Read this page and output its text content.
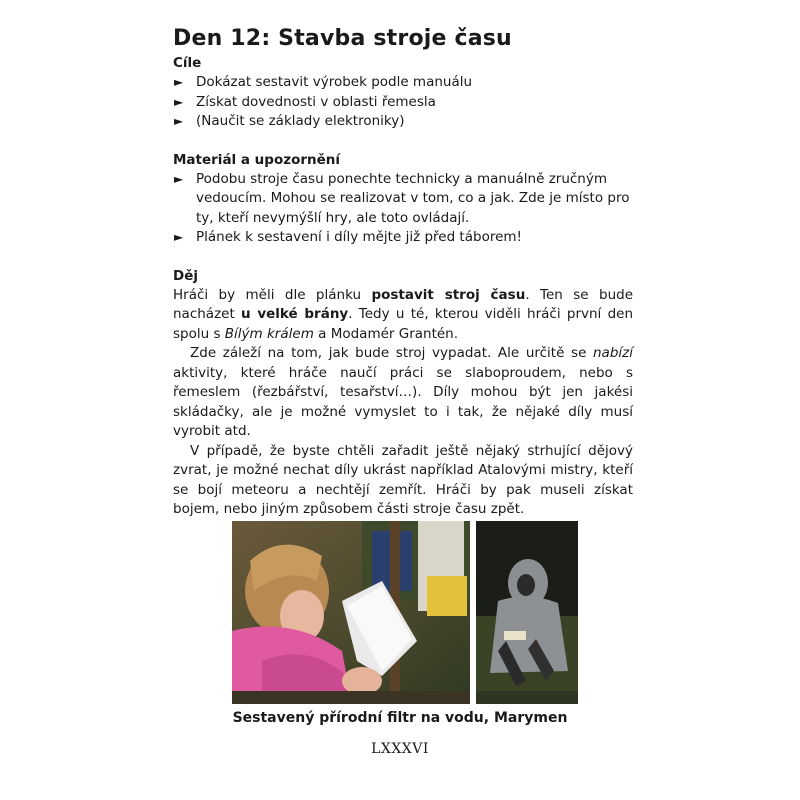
Den 12: Stavba stroje času

Cíle

► Dokázat sestavit výrobek podle manuálu

► Získat dovednosti v oblasti řemesla

► (Naučit se základy elektroniky)

Materiál a upozornění

► Podobu stroje času ponechte technicky a manuálně zručným vedoucím. Mohou se realizovat v tom, co a jak. Zde je místo pro ty, kteří nevymýšlí hry, ale toto ovládají.

► Plánek k sestavení i díly mějte již před táborem!

Děj

Hráči by měli dle plánku postavit stroj času. Ten se bude nacházet u velké brány. Tedy u té, kterou viděli hráči první den spolu s Bílým králem a Modamér Grantén.

Zde záleží na tom, jak bude stroj vypadat. Ale určitě se nabízí aktivity, které hráče naučí práci se slaboproudem, nebo s řemeslem (řezbářství, tesařství…). Díly mohou být jen jakési skládačky, ale je možné vymyslet to i tak, že nějaké díly musí vyrobit atd.

V případě, že byste chtěli zařadit ještě nějaký strhující dějový zvrat, je možné nechat díly ukrást například Atalovými mistry, kteří se bojí meteoru a nechtějí zemřít. Hráči by pak museli získat bojem, nebo jiným způsobem části stroje času zpět.

Sestavený přírodní filtr na vodu, Marymen
LXXXVI
